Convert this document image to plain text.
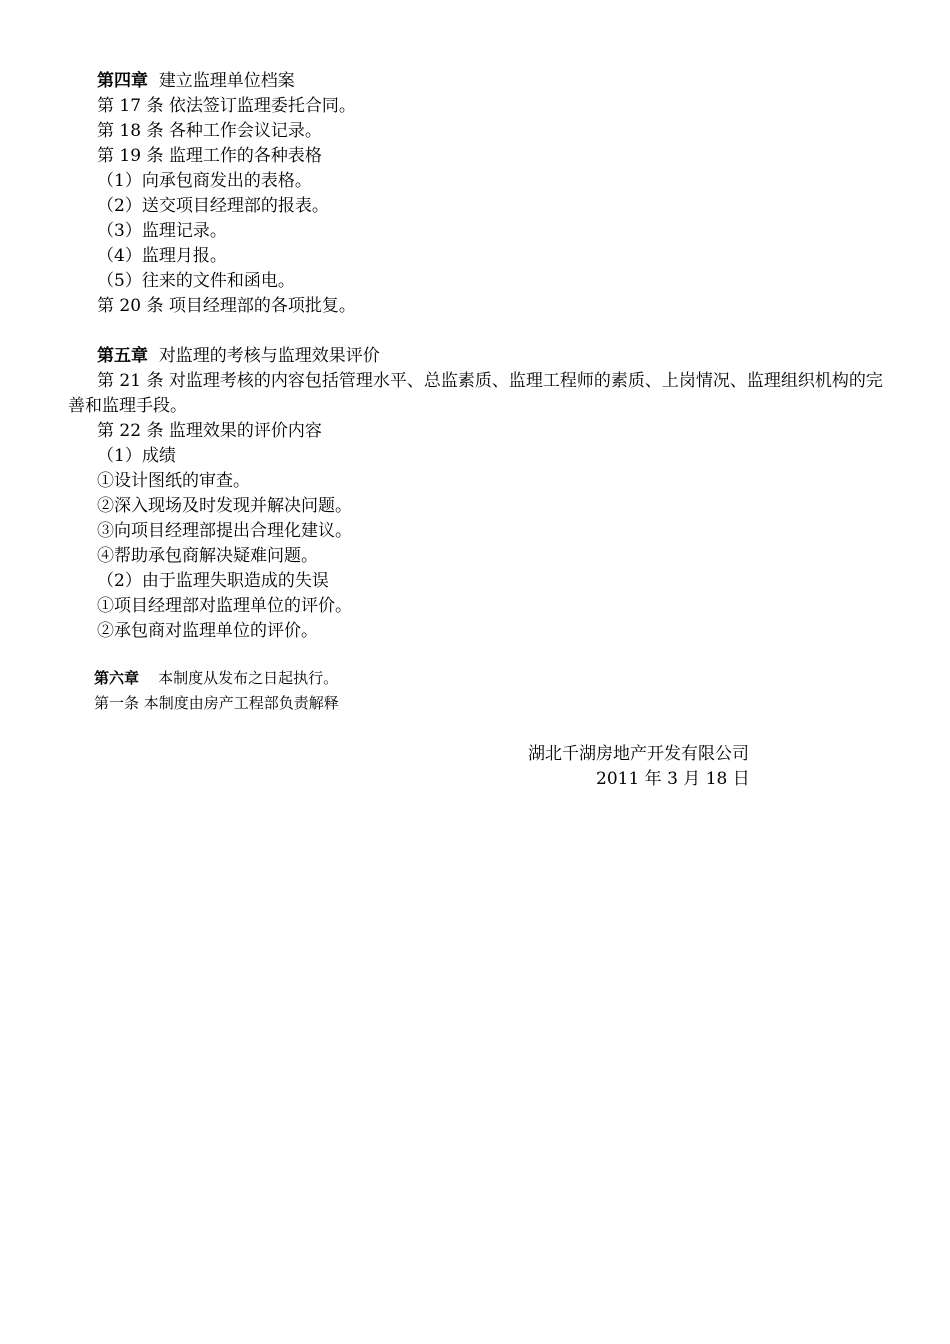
第四章 建立监理单位档案
第 17 条 依法签订监理委托合同。
第 18 条 各种工作会议记录。
第 19 条 监理工作的各种表格
（1）向承包商发出的表格。
（2）送交项目经理部的报表。
（3）监理记录。
（4）监理月报。
（5）往来的文件和函电。
第 20 条 项目经理部的各项批复。
第五章 对监理的考核与监理效果评价
第 21 条 对监理考核的内容包括管理水平、总监素质、监理工程师的素质、上岗情况、监理组织机构的完善和监理手段。
第 22 条 监理效果的评价内容
（1）成绩
①设计图纸的审查。
②深入现场及时发现并解决问题。
③向项目经理部提出合理化建议。
④帮助承包商解决疑难问题。
（2）由于监理失职造成的失误
①项目经理部对监理单位的评价。
②承包商对监理单位的评价。
第六章 本制度从发布之日起执行。
第一条 本制度由房产工程部负责解释
湖北千湖房地产开发有限公司
2011 年 3 月 18 日
